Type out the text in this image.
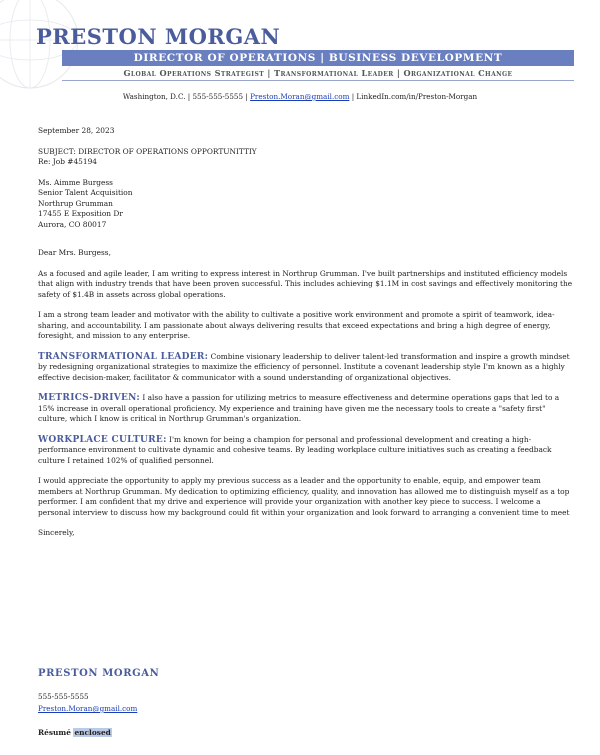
PRESTON MORGAN
DIRECTOR OF OPERATIONS | BUSINESS DEVELOPMENT
Global Operations Strategist | Transformational Leader | Organizational Change
Washington, D.C. | 555-555-5555 | Preston.Moran@gmail.com | LinkedIn.com/in/Preston-Morgan

September 28, 2023

SUBJECT: DIRECTOR OF OPERATIONS OPPORTUNITTIY
Re: Job #45194
Ms. Aimme Burgess
Senior Talent Acquisition
Northrup Grumman
17455 E Exposition Dr
Aurora, CO 80017

Dear Mrs. Burgess,

As a focused and agile leader, I am writing to express interest in Northrup Grumman. I've built partnerships and instituted efficiency models that align with industry trends that have been proven successful. This includes achieving $1.1M in cost savings and effectively monitoring the safety of $1.4B in assets across global operations.

I am a strong team leader and motivator with the ability to cultivate a positive work environment and promote a spirit of teamwork, idea-sharing, and accountability. I am passionate about always delivering results that exceed expectations and bring a high degree of energy, foresight, and mission to any enterprise.

TRANSFORMATIONAL LEADER: Combine visionary leadership to deliver talent-led transformation and inspire a growth mindset by redesigning organizational strategies to maximize the efficiency of personnel. Institute a covenant leadership style I'm known as a highly effective decision-maker, facilitator & communicator with a sound understanding of organizational objectives.

METRICS-DRIVEN: I also have a passion for utilizing metrics to measure effectiveness and determine operations gaps that led to a 15% increase in overall operational proficiency. My experience and training have given me the necessary tools to create a "safety first" culture, which I know is critical in Northrup Grumman's organization.

WORKPLACE CULTURE: I'm known for being a champion for personal and professional development and creating a high-performance environment to cultivate dynamic and cohesive teams. By leading workplace culture initiatives such as creating a feedback culture I retained 102% of qualified personnel.

I would appreciate the opportunity to apply my previous success as a leader and the opportunity to enable, equip, and empower team members at Northrup Grumman. My dedication to optimizing efficiency, quality, and innovation has allowed me to distinguish myself as a top performer. I am confident that my drive and experience will provide your organization with another key piece to success. I welcome a personal interview to discuss how my background could fit within your organization and look forward to arranging a convenient time to meet

Sincerely,

PRESTON MORGAN
555-555-5555
Preston.Moran@gmail.com
Résumé enclosed
